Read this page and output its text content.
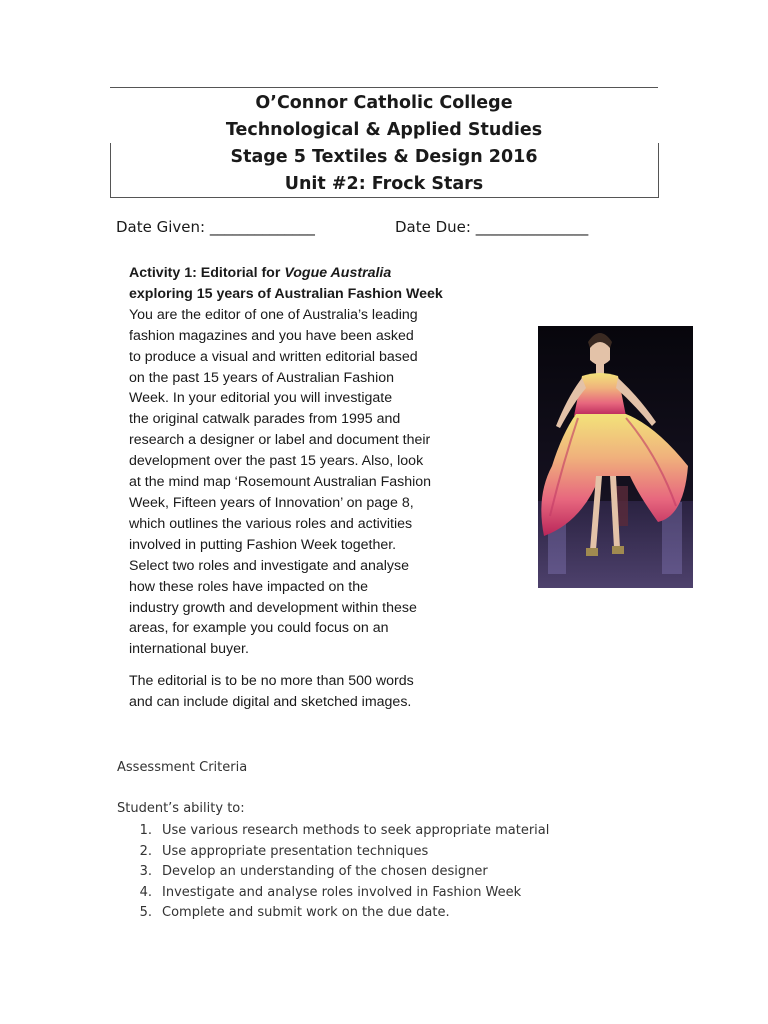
O’Connor Catholic College
Technological & Applied Studies
Stage 5 Textiles & Design 2016
Unit #2: Frock Stars
Date Given: ______________	Date Due: _______________
Activity 1: Editorial for Vogue Australia
exploring 15 years of Australian Fashion Week

You are the editor of one of Australia’s leading
fashion magazines and you have been asked
to produce a visual and written editorial based
on the past 15 years of Australian Fashion
Week. In your editorial you will investigate
the original catwalk parades from 1995 and
research a designer or label and document their
development over the past 15 years. Also, look
at the mind map ‘Rosemount Australian Fashion
Week, Fifteen years of Innovation’ on page 8,
which outlines the various roles and activities
involved in putting Fashion Week together.
Select two roles and investigate and analyse
how these roles have impacted on the
industry growth and development within these
areas, for example you could focus on an
international buyer.

The editorial is to be no more than 500 words
and can include digital and sketched images.

Assessment Criteria
Student’s ability to:
1. Use various research methods to seek appropriate material
2. Use appropriate presentation techniques
3. Develop an understanding of the chosen designer
4. Investigate and analyse roles involved in Fashion Week
5. Complete and submit work on the due date.
